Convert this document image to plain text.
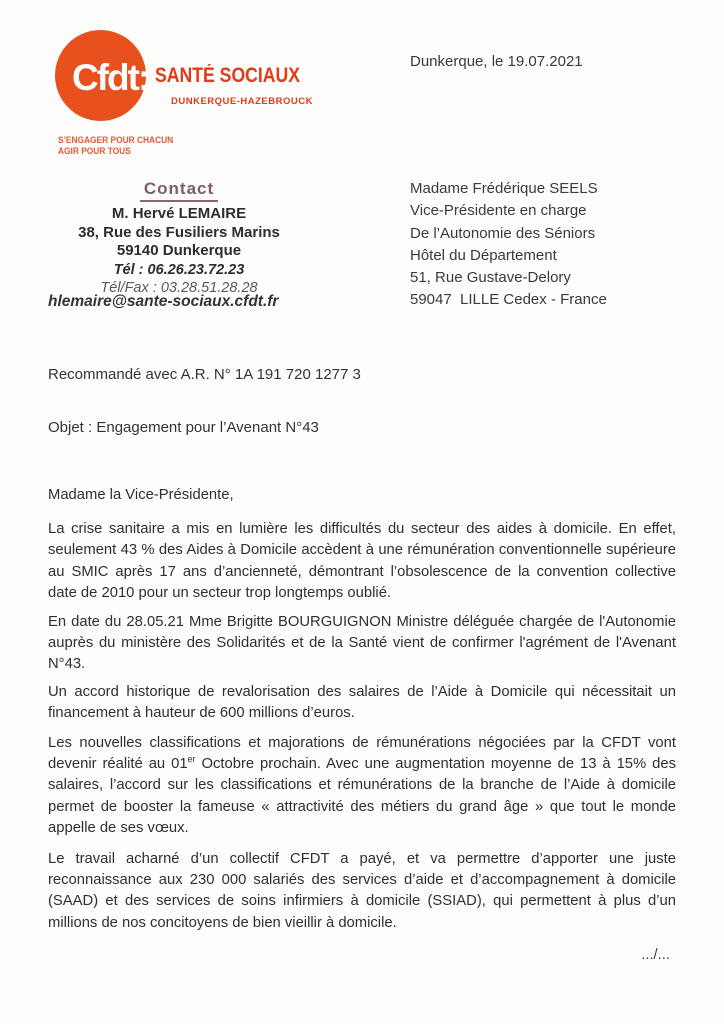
Cfdt: SANTÉ SOCIAUX
DUNKERQUE-HAZEBROUCK
S’ENGAGER POUR CHACUN
AGIR POUR TOUS
Dunkerque, le 19.07.2021
Contact
M. Hervé LEMAIRE
38, Rue des Fusiliers Marins
59140 Dunkerque
Tél : 06.26.23.72.23
Tél/Fax : 03.28.51.28.28
hlemaire@sante-sociaux.cfdt.fr
Madame Frédérique SEELS
Vice-Présidente en charge
De l’Autonomie des Séniors
Hôtel du Département
51, Rue Gustave-Delory
59047  LILLE Cedex - France
Recommandé avec A.R. N° 1A 191 720 1277 3
Objet : Engagement pour l’Avenant N°43

Madame la Vice-Présidente,

La crise sanitaire a mis en lumière les difficultés du secteur des aides à domicile. En effet, seulement 43 % des Aides à Domicile accèdent à une rémunération conventionnelle supérieure au SMIC après 17 ans d’ancienneté, démontrant l’obsolescence de la convention collective date de 2010 pour un secteur trop longtemps oublié.

En date du 28.05.21 Mme Brigitte BOURGUIGNON Ministre déléguée chargée de l'Autonomie auprès du ministère des Solidarités et de la Santé vient de confirmer l'agrément de l'Avenant N°43.

Un accord historique de revalorisation des salaires de l’Aide à Domicile qui nécessitait un financement à hauteur de 600 millions d’euros.

Les nouvelles classifications et majorations de rémunérations négociées par la CFDT vont devenir réalité au 01er Octobre prochain. Avec une augmentation moyenne de 13 à 15% des salaires, l’accord sur les classifications et rémunérations de la branche de l’Aide à domicile permet de booster la fameuse « attractivité des métiers du grand âge » que tout le monde appelle de ses vœux.

Le travail acharné d’un collectif CFDT a payé, et va permettre d’apporter une juste reconnaissance aux 230 000 salariés des services d’aide et d’accompagnement à domicile (SAAD) et des services de soins infirmiers à domicile (SSIAD), qui permettent à plus d’un millions de nos concitoyens de bien vieillir à domicile.

.../...
